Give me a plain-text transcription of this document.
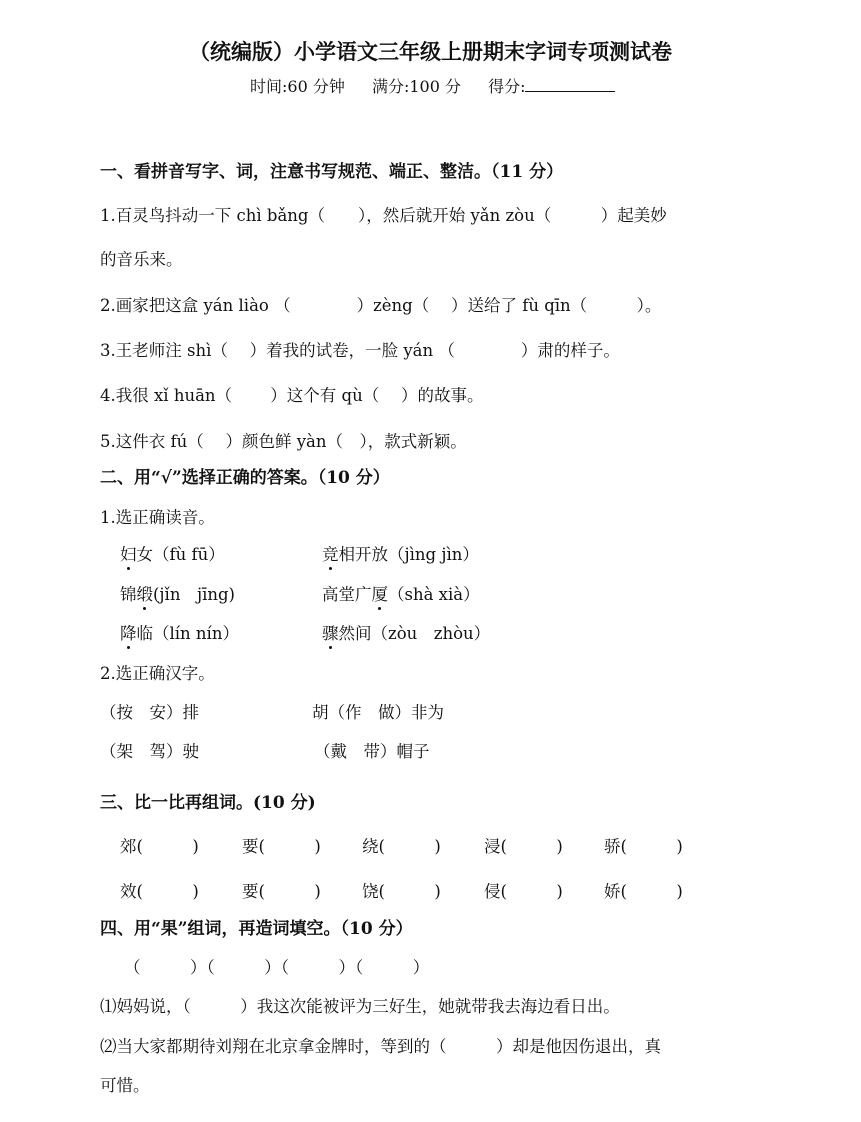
（统编版）小学语文三年级上册期末字词专项测试卷
时间:60 分钟 满分:100 分 得分:
一、看拼音写字、词，注意书写规范、端正、整洁。（11 分）
1.百灵鸟抖动一下 chì bǎng（　　），然后就开始 yǎn zòu（　　　）起美妙
的音乐来。
2.画家把这盒 yán liào （　　　　）zèng（　 ）送给了 fù qīn（　　　）。
3.王老师注 shì（　 ）着我的试卷，一脸 yán （　　　　）肃的样子。
4.我很 xǐ huān（　　 ）这个有 qù（　 ）的故事。
5.这件衣 fú（　 ）颜色鲜 yàn（　），款式新颖。
二、用“√”选择正确的答案。（10 分）
1.选正确读音。
妇女（fù fū）	竞相开放（jìng jìn）
锦缎(jǐn　jīng)	高堂广厦（shà xià）
降临（lín nín）	骤然间（zòu　zhòu）
2.选正确汉字。
（按　安）排	胡（作　做）非为
（架　驾）驶	（戴　带）帽子
三、比一比再组词。(10 分)
郊(　　　)	要(　　　) 绕(　　　)	浸(　　　) 骄(　　　)
效(　　　)	要(　　　) 饶(　　　)	侵(　　　) 娇(　　　)
四、用“果”组词，再造词填空。（10 分）
（　　　）（　　　）（　　　）（　　　）
⑴妈妈说，（　　　）我这次能被评为三好生，她就带我去海边看日出。
⑵当大家都期待刘翔在北京拿金牌时，等到的（　　　）却是他因伤退出，真
可惜。
